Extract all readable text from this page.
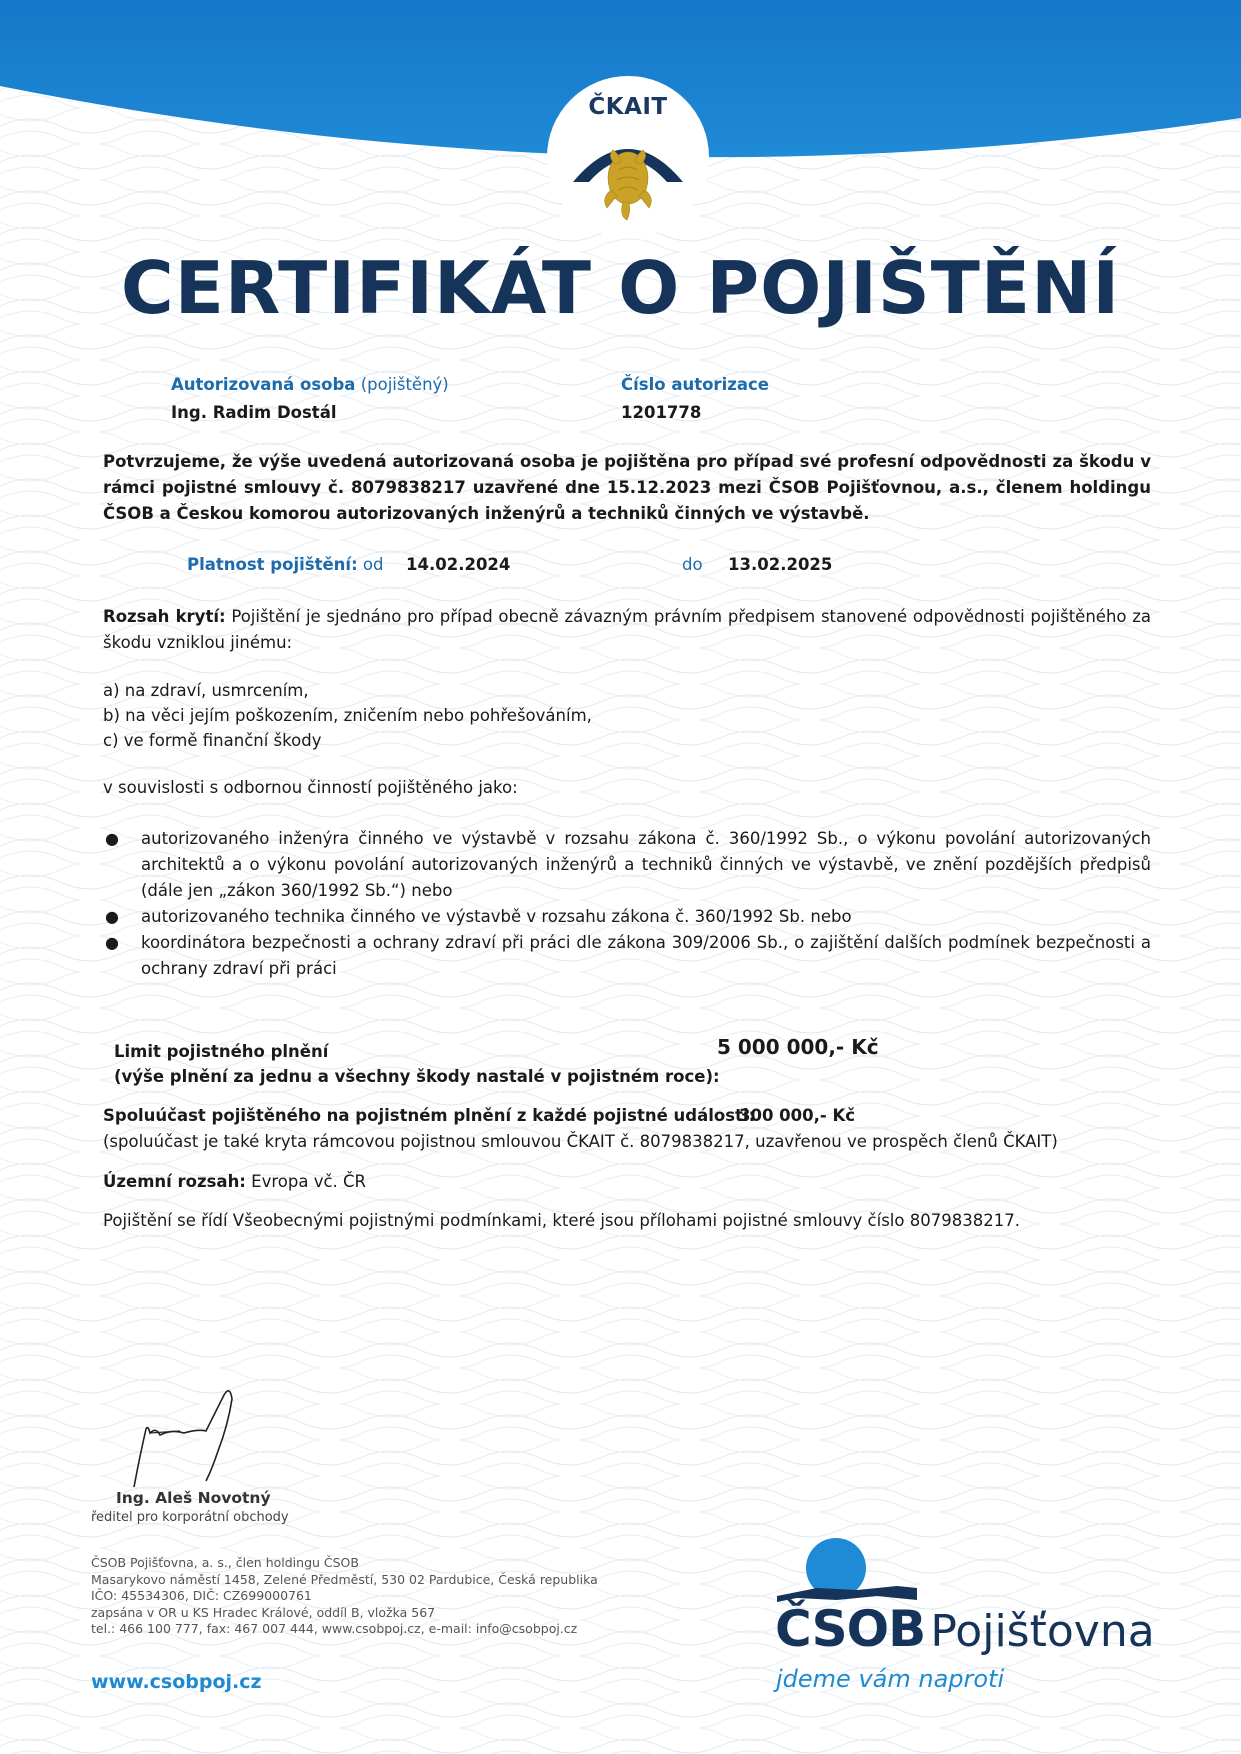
ČKAIT
CERTIFIKÁT O POJIŠTĚNÍ
Autorizovaná osoba (pojištěný)
Ing. Radim Dostál
Číslo autorizace
1201778
Potvrzujeme, že výše uvedená autorizovaná osoba je pojištěna pro případ své profesní odpovědnosti za škodu v rámci pojistné smlouvy č. 8079838217 uzavřené dne 15.12.2023 mezi ČSOB Pojišťovnou, a.s., členem holdingu ČSOB a Českou komorou autorizovaných inženýrů a techniků činných ve výstavbě.
Platnost pojištění: od 14.02.2024	do 13.02.2025
Rozsah krytí: Pojištění je sjednáno pro případ obecně závazným právním předpisem stanovené odpovědnosti pojištěného za škodu vzniklou jinému:
a) na zdraví, usmrcením,
b) na věci jejím poškozením, zničením nebo pohřešováním,
c) ve formě finanční škody
v souvislosti s odbornou činností pojištěného jako:
● autorizovaného inženýra činného ve výstavbě v rozsahu zákona č. 360/1992 Sb., o výkonu povolání autorizovaných architektů a o výkonu povolání autorizovaných inženýrů a techniků činných ve výstavbě, ve znění pozdějších předpisů (dále jen „zákon 360/1992 Sb.“) nebo
● autorizovaného technika činného ve výstavbě v rozsahu zákona č. 360/1992 Sb. nebo
● koordinátora bezpečnosti a ochrany zdraví při práci dle zákona 309/2006 Sb., o zajištění dalších podmínek bezpečnosti a ochrany zdraví při práci
Limit pojistného plnění
(výše plnění za jednu a všechny škody nastalé v pojistném roce):
5 000 000,- Kč
Spoluúčast pojištěného na pojistném plnění z každé pojistné události:
300 000,- Kč
(spoluúčast je také kryta rámcovou pojistnou smlouvou ČKAIT č. 8079838217, uzavřenou ve prospěch členů ČKAIT)
Územní rozsah: Evropa vč. ČR
Pojištění se řídí Všeobecnými pojistnými podmínkami, které jsou přílohami pojistné smlouvy číslo 8079838217.
Ing. Aleš Novotný
ředitel pro korporátní obchody
ČSOB Pojišťovna, a. s., člen holdingu ČSOB
Masarykovo náměstí 1458, Zelené Předměstí, 530 02 Pardubice, Česká republika
IČO: 45534306, DIČ: CZ699000761
zapsána v OR u KS Hradec Králové, oddíl B, vložka 567
tel.: 466 100 777, fax: 467 007 444, www.csobpoj.cz, e-mail: info@csobpoj.cz
www.csobpoj.cz
ČSOB Pojišťovna
jdeme vám naproti
